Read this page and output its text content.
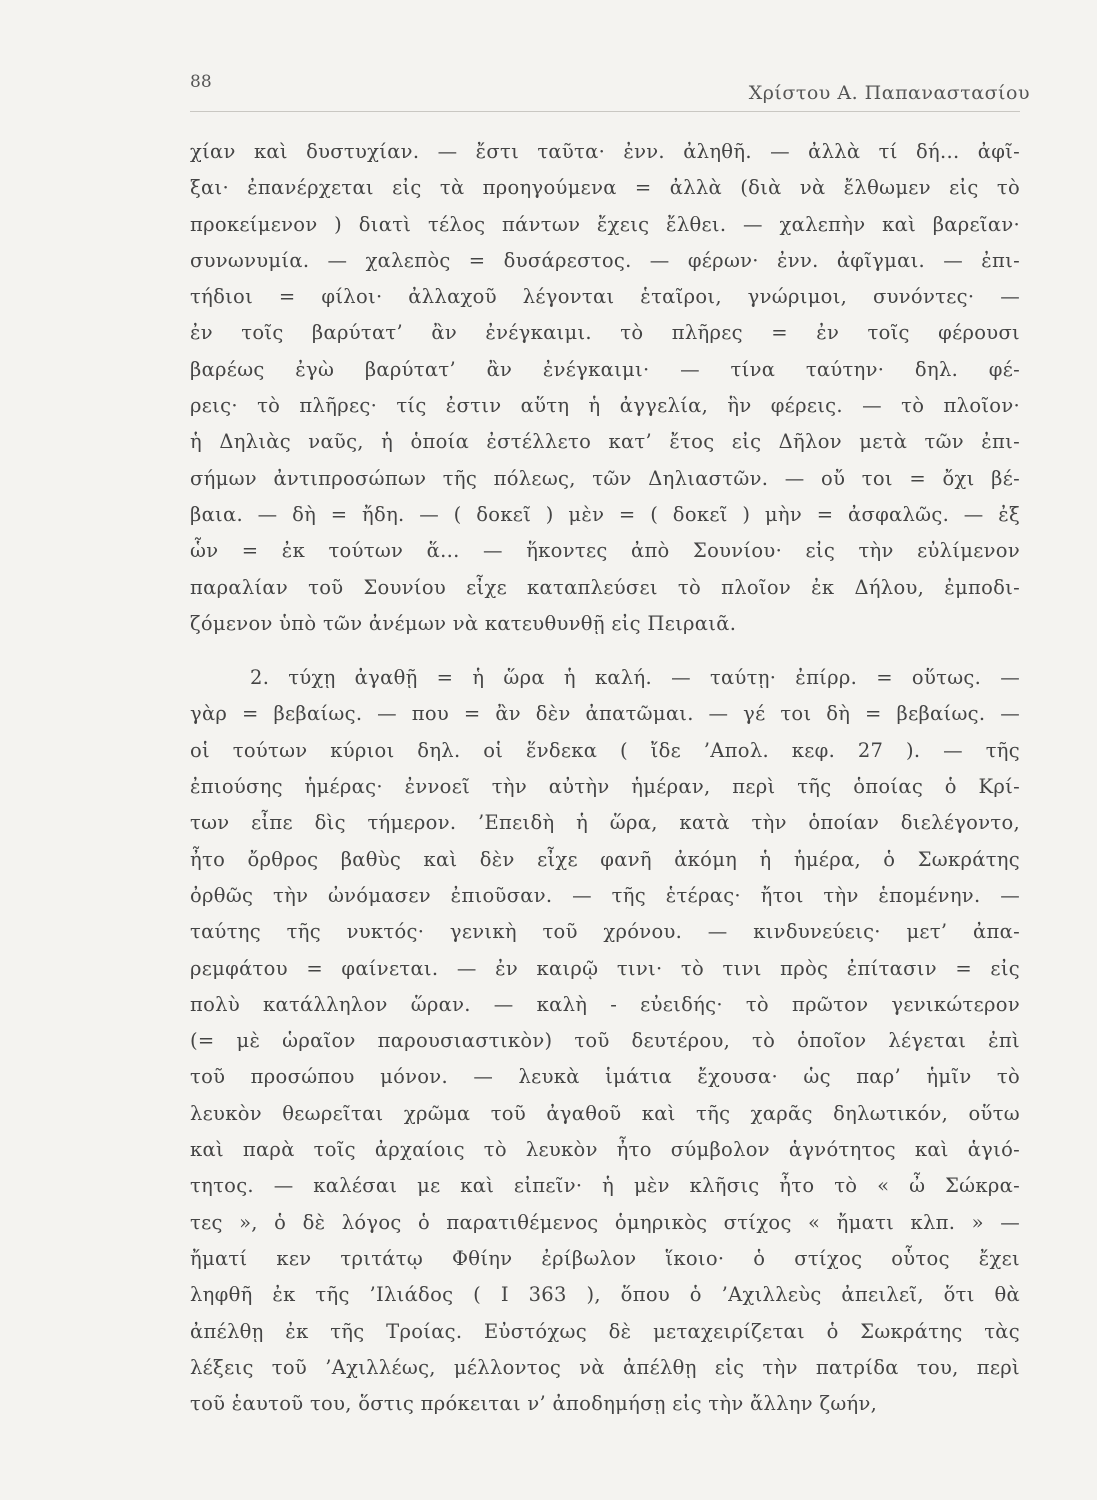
88	Χρίστου Α. Παπαναστασίου
χίαν καὶ δυστυχίαν. — ἔστι ταῦτα· ἐνν. ἀληθῆ. — ἀλλὰ τί δή... ἀφῖ-
ξαι· ἐπανέρχεται εἰς τὰ προηγούμενα = ἀλλὰ (διὰ νὰ ἔλθωμεν εἰς τὸ
προκείμενον ) διατὶ τέλος πάντων ἔχεις ἔλθει. — χαλεπὴν καὶ βαρεῖαν·
συνωνυμία. — χαλεπὸς = δυσάρεστος. — φέρων· ἐνν. ἀφῖγμαι. — ἐπι-
τήδιοι = φίλοι· ἀλλαχοῦ λέγονται ἑταῖροι, γνώριμοι, συνόντες· —
ἐν τοῖς βαρύτατ’ ἂν ἐνέγκαιμι. τὸ πλῆρες = ἐν τοῖς φέρουσι
βαρέως ἐγὼ βαρύτατ’ ἂν ἐνέγκαιμι· — τίνα ταύτην· δηλ. φέ-
ρεις· τὸ πλῆρες· τίς ἐστιν αὕτη ἡ ἀγγελία, ἣν φέρεις. — τὸ πλοῖον·
ἡ Δηλιὰς ναῦς, ἡ ὁποία ἐστέλλετο κατ’ ἔτος εἰς Δῆλον μετὰ τῶν ἐπι-
σήμων ἀντιπροσώπων τῆς πόλεως, τῶν Δηλιαστῶν. — οὔ τοι = ὄχι βέ-
βαια. — δὴ = ἤδη. — ( δοκεῖ ) μὲν = ( δοκεῖ ) μὴν = ἀσφαλῶς. — ἐξ
ὧν = ἐκ τούτων ἅ... — ἥκοντες ἀπὸ Σουνίου· εἰς τὴν εὐλίμενον
παραλίαν τοῦ Σουνίου εἶχε καταπλεύσει τὸ πλοῖον ἐκ Δήλου, ἐμποδι-
ζόμενον ὑπὸ τῶν ἀνέμων νὰ κατευθυνθῇ εἰς Πειραιᾶ.
2. τύχῃ ἀγαθῇ = ἡ ὥρα ἡ καλή. — ταύτῃ· ἐπίρρ. = οὕτως. —
γὰρ = βεβαίως. — που = ἂν δὲν ἀπατῶμαι. — γέ τοι δὴ = βεβαίως. —
οἱ τούτων κύριοι δηλ. οἱ ἕνδεκα ( ἴδε ’Απολ. κεφ. 27 ). — τῆς
ἐπιούσης ἡμέρας· ἐννοεῖ τὴν αὐτὴν ἡμέραν, περὶ τῆς ὁποίας ὁ Κρί-
των εἶπε δὶς τήμερον. ’Επειδὴ ἡ ὥρα, κατὰ τὴν ὁποίαν διελέγοντο,
ἦτο ὄρθρος βαθὺς καὶ δὲν εἶχε φανῆ ἀκόμη ἡ ἡμέρα, ὁ Σωκράτης
ὀρθῶς τὴν ὠνόμασεν ἐπιοῦσαν. — τῆς ἑτέρας· ἤτοι τὴν ἑπομένην. —
ταύτης τῆς νυκτός· γενικὴ τοῦ χρόνου. — κινδυνεύεις· μετ’ ἀπα-
ρεμφάτου = φαίνεται. — ἐν καιρῷ τινι· τὸ τινι πρὸς ἐπίτασιν = εἰς
πολὺ κατάλληλον ὥραν. — καλὴ - εὐειδής· τὸ πρῶτον γενικώτερον
(= μὲ ὡραῖον παρουσιαστικὸν) τοῦ δευτέρου, τὸ ὁποῖον λέγεται ἐπὶ
τοῦ προσώπου μόνον. — λευκὰ ἱμάτια ἔχουσα· ὡς παρ’ ἡμῖν τὸ
λευκὸν θεωρεῖται χρῶμα τοῦ ἀγαθοῦ καὶ τῆς χαρᾶς δηλωτικόν, οὕτω
καὶ παρὰ τοῖς ἀρχαίοις τὸ λευκὸν ἦτο σύμβολον ἁγνότητος καὶ ἁγιό-
τητος. — καλέσαι με καὶ εἰπεῖν· ἡ μὲν κλῆσις ἦτο τὸ « ὦ Σώκρα-
τες », ὁ δὲ λόγος ὁ παρατιθέμενος ὁμηρικὸς στίχος « ἤματι κλπ. » —
ἤματί κεν τριτάτῳ Φθίην ἐρίβωλον ἵκοιο· ὁ στίχος οὗτος ἔχει
ληφθῆ ἐκ τῆς ’Ιλιάδος ( Ι 363 ), ὅπου ὁ ’Αχιλλεὺς ἀπειλεῖ, ὅτι θὰ
ἀπέλθῃ ἐκ τῆς Τροίας. Εὐστόχως δὲ μεταχειρίζεται ὁ Σωκράτης τὰς
λέξεις τοῦ ’Αχιλλέως, μέλλοντος νὰ ἀπέλθῃ εἰς τὴν πατρίδα του, περὶ
τοῦ ἑαυτοῦ του, ὅστις πρόκειται ν’ ἀποδημήσῃ εἰς τὴν ἄλλην ζωήν,
